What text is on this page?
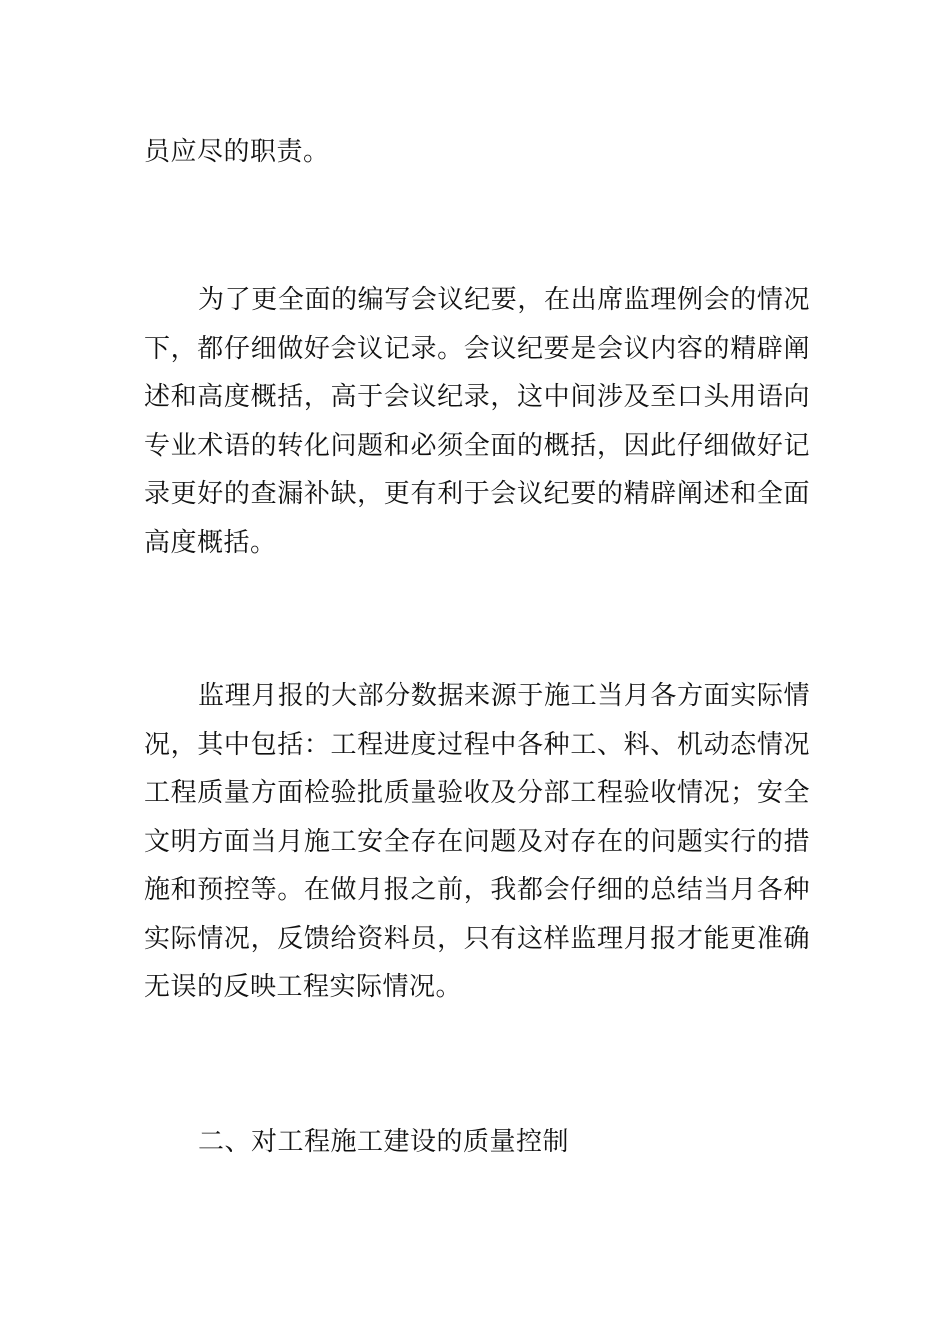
员应尽的职责。

为了更全面的编写会议纪要，在出席监理例会的情况下，都仔细做好会议记录。会议纪要是会议内容的精辟阐述和高度概括，高于会议纪录，这中间涉及至口头用语向专业术语的转化问题和必须全面的概括，因此仔细做好记录更好的查漏补缺，更有利于会议纪要的精辟阐述和全面高度概括。

监理月报的大部分数据来源于施工当月各方面实际情况，其中包括：工程进度过程中各种工、料、机动态情况工程质量方面检验批质量验收及分部工程验收情况；安全文明方面当月施工安全存在问题及对存在的问题实行的措施和预控等。在做月报之前，我都会仔细的总结当月各种实际情况，反馈给资料员，只有这样监理月报才能更准确无误的反映工程实际情况。

二、对工程施工建设的质量控制
